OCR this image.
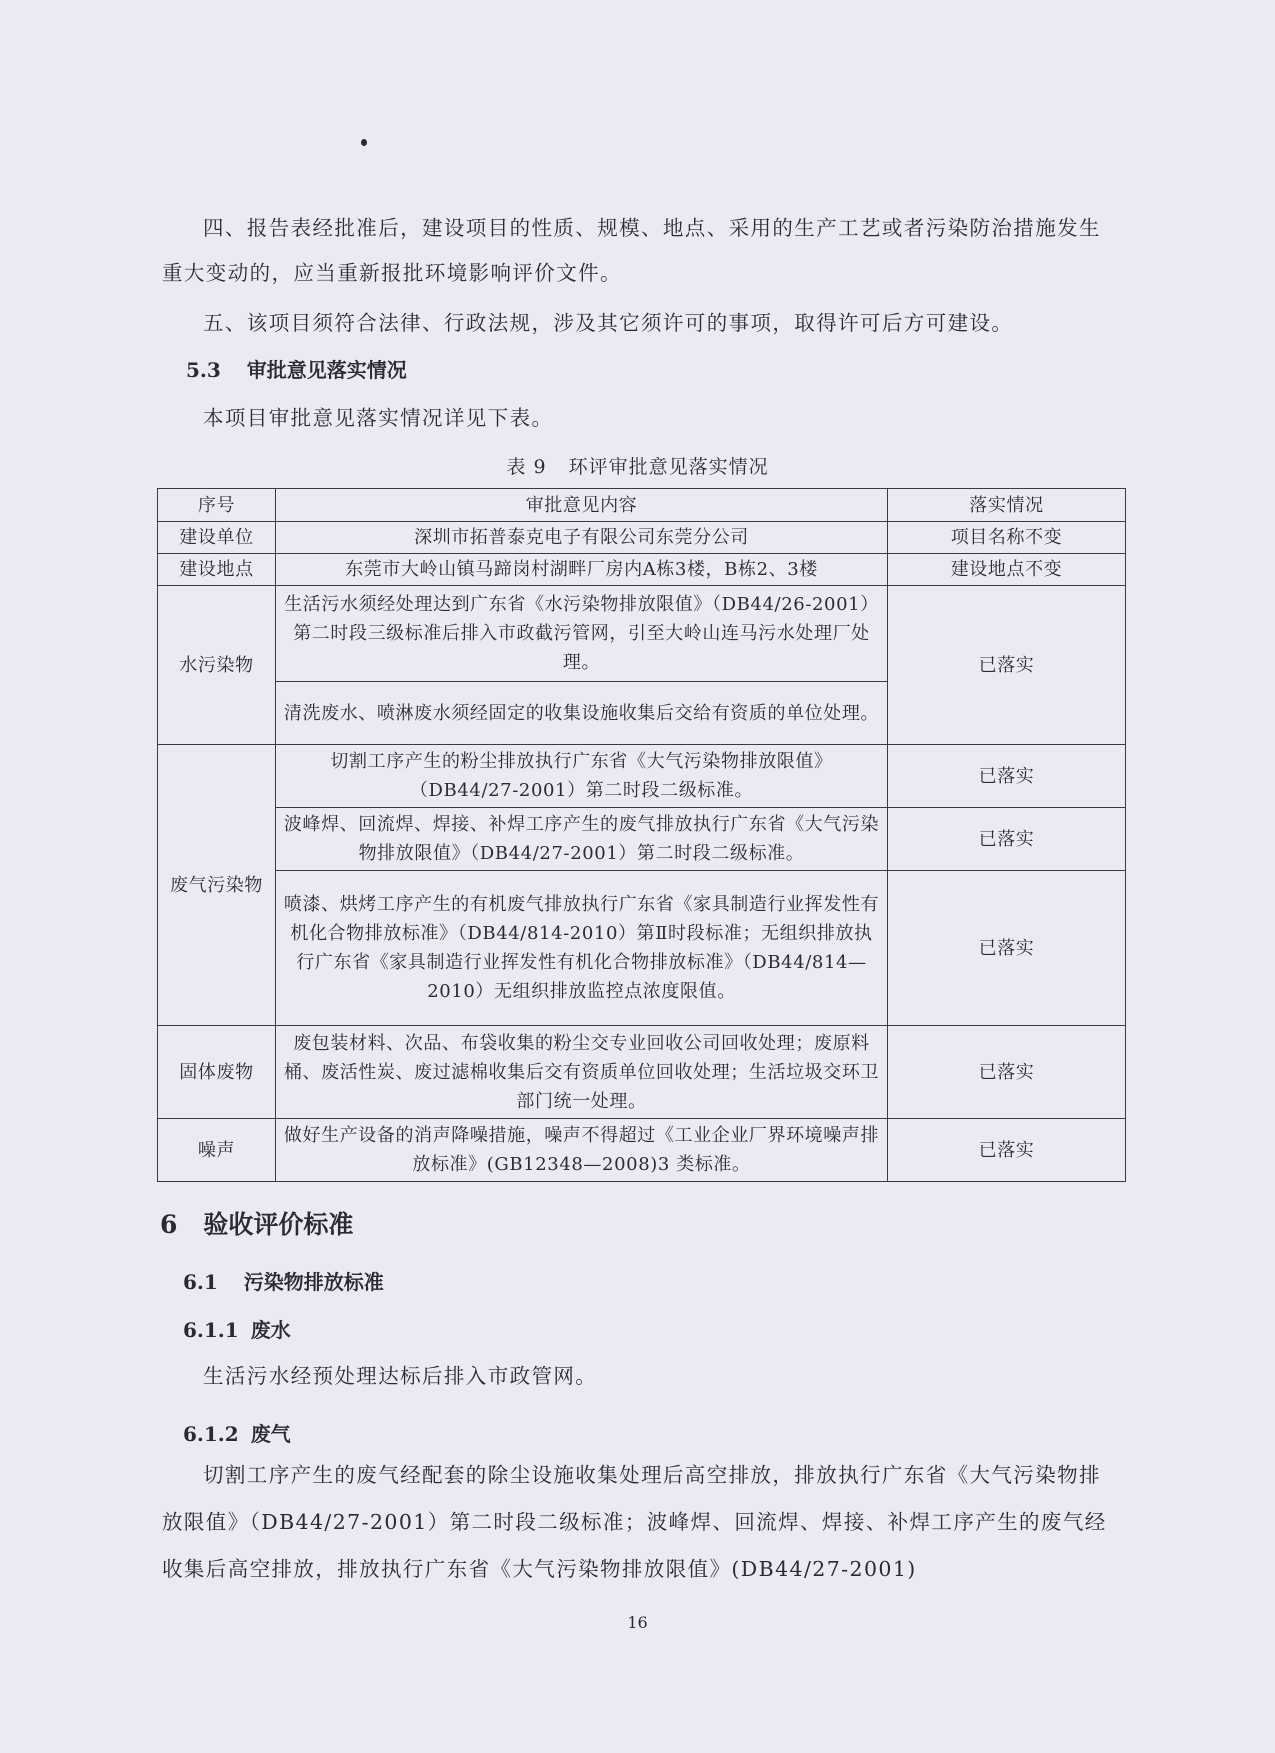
四、报告表经批准后，建设项目的性质、规模、地点、采用的生产工艺或者污染防治措施发生重大变动的，应当重新报批环境影响评价文件。

五、该项目须符合法律、行政法规，涉及其它须许可的事项，取得许可后方可建设。

5.3 审批意见落实情况

本项目审批意见落实情况详见下表。

表 9 环评审批意见落实情况

序号	审批意见内容	落实情况
建设单位	深圳市拓普泰克电子有限公司东莞分公司	项目名称不变
建设地点	东莞市大岭山镇马蹄岗村湖畔厂房内A栋3楼，B栋2、3楼	建设地点不变
水污染物	生活污水须经处理达到广东省《水污染物排放限值》（DB44/26-2001）第二时段三级标准后排入市政截污管网，引至大岭山连马污水处理厂处理。	已落实
	清洗废水、喷淋废水须经固定的收集设施收集后交给有资质的单位处理。	
废气污染物	切割工序产生的粉尘排放执行广东省《大气污染物排放限值》（DB44/27-2001）第二时段二级标准。	已落实
	波峰焊、回流焊、焊接、补焊工序产生的废气排放执行广东省《大气污染物排放限值》（DB44/27-2001）第二时段二级标准。	已落实
	喷漆、烘烤工序产生的有机废气排放执行广东省《家具制造行业挥发性有机化合物排放标准》（DB44/814-2010）第Ⅱ时段标准；无组织排放执行广东省《家具制造行业挥发性有机化合物排放标准》（DB44/814—2010）无组织排放监控点浓度限值。	已落实
固体废物	废包装材料、次品、布袋收集的粉尘交专业回收公司回收处理；废原料桶、废活性炭、废过滤棉收集后交有资质单位回收处理；生活垃圾交环卫部门统一处理。	已落实
噪声	做好生产设备的消声降噪措施，噪声不得超过《工业企业厂界环境噪声排放标准》(GB12348—2008)3 类标准。	已落实
6 验收评价标准
6.1 污染物排放标准
6.1.1 废水

生活污水经预处理达标后排入市政管网。

6.1.2 废气

切割工序产生的废气经配套的除尘设施收集处理后高空排放，排放执行广东省《大气污染物排放限值》（DB44/27-2001）第二时段二级标准；波峰焊、回流焊、焊接、补焊工序产生的废气经收集后高空排放，排放执行广东省《大气污染物排放限值》(DB44/27-2001)

16
